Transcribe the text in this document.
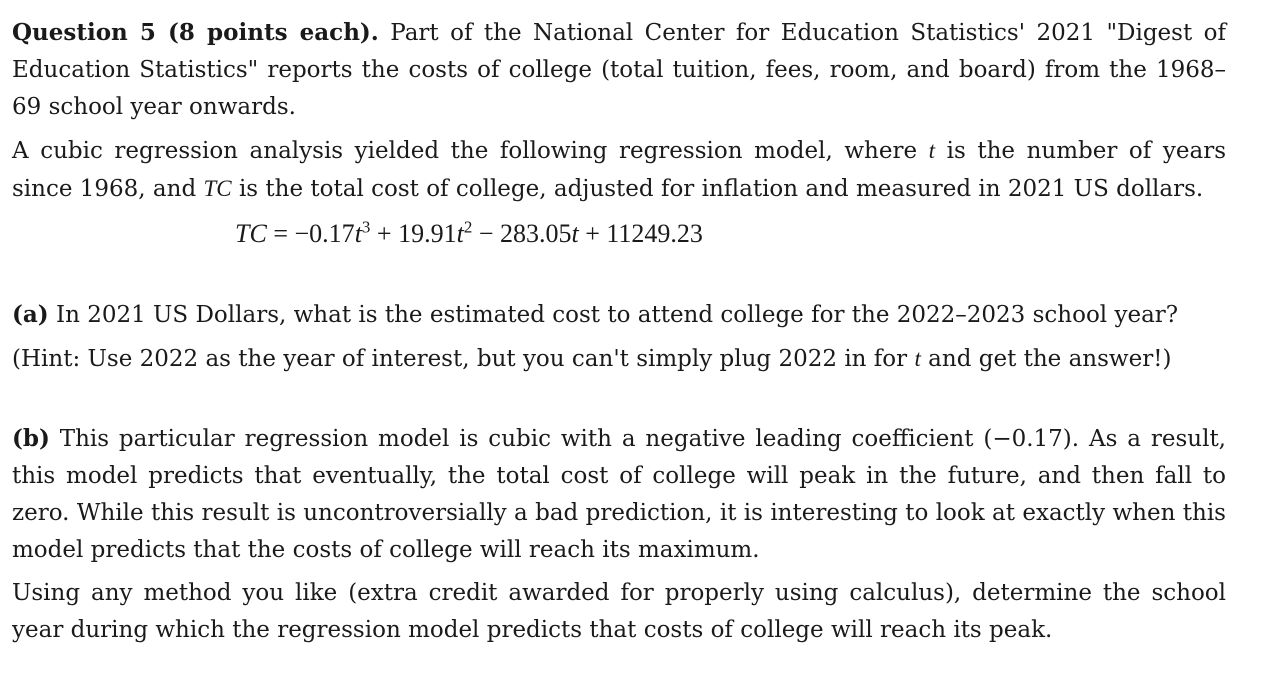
Question 5 (8 points each). Part of the National Center for Education Statistics' 2021 "Digest of Education Statistics" reports the costs of college (total tuition, fees, room, and board) from the 1968–69 school year onwards.

A cubic regression analysis yielded the following regression model, where t is the number of years since 1968, and TC is the total cost of college, adjusted for inflation and measured in 2021 US dollars.

TC = $-0.17t^3 + 19.91t^2 - 283.05t + 11249.23$

(a) In 2021 US Dollars, what is the estimated cost to attend college for the 2022–2023 school year?

(Hint: Use 2022 as the year of interest, but you can't simply plug 2022 in for t and get the answer!)

(b) This particular regression model is cubic with a negative leading coefficient (−0.17). As a result, this model predicts that eventually, the total cost of college will peak in the future, and then fall to zero. While this result is uncontroversially a bad prediction, it is interesting to look at exactly when this model predicts that the costs of college will reach its maximum.

Using any method you like (extra credit awarded for properly using calculus), determine the school year during which the regression model predicts that costs of college will reach its peak.
